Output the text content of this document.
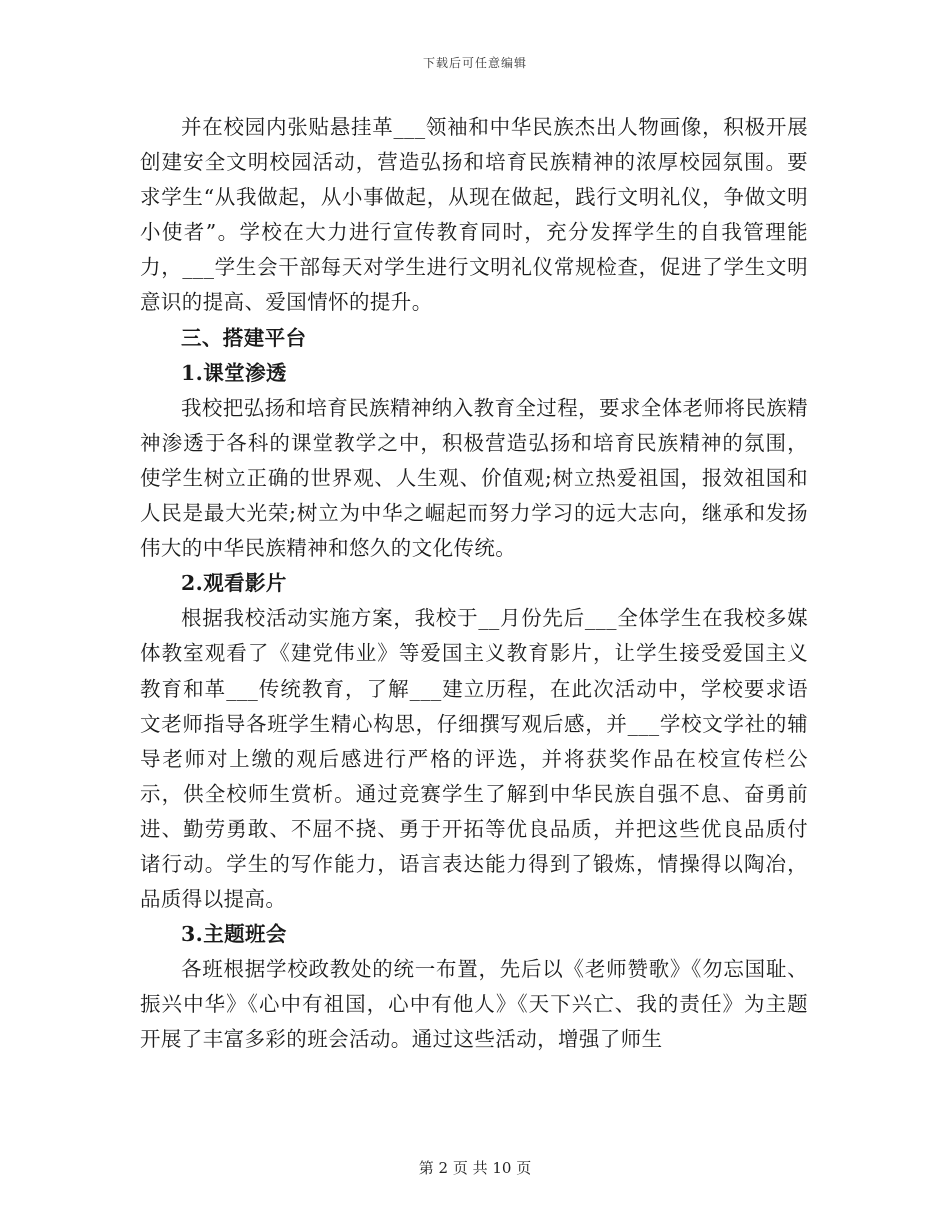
下载后可任意编辑

并在校园内张贴悬挂革___领袖和中华民族杰出人物画像，积极开展创建安全文明校园活动，营造弘扬和培育民族精神的浓厚校园氛围。要求学生“从我做起，从小事做起，从现在做起，践行文明礼仪，争做文明小使者”。学校在大力进行宣传教育同时，充分发挥学生的自我管理能力，___学生会干部每天对学生进行文明礼仪常规检查，促进了学生文明意识的提高、爱国情怀的提升。

三、搭建平台

1.课堂渗透

我校把弘扬和培育民族精神纳入教育全过程，要求全体老师将民族精神渗透于各科的课堂教学之中，积极营造弘扬和培育民族精神的氛围，使学生树立正确的世界观、人生观、价值观;树立热爱祖国，报效祖国和人民是最大光荣;树立为中华之崛起而努力学习的远大志向，继承和发扬伟大的中华民族精神和悠久的文化传统。

2.观看影片

根据我校活动实施方案，我校于__月份先后___全体学生在我校多媒体教室观看了《建党伟业》等爱国主义教育影片，让学生接受爱国主义教育和革___传统教育，了解___建立历程，在此次活动中，学校要求语文老师指导各班学生精心构思，仔细撰写观后感，并___学校文学社的辅导老师对上缴的观后感进行严格的评选，并将获奖作品在校宣传栏公示，供全校师生赏析。通过竞赛学生了解到中华民族自强不息、奋勇前进、勤劳勇敢、不屈不挠、勇于开拓等优良品质，并把这些优良品质付诸行动。学生的写作能力，语言表达能力得到了锻炼，情操得以陶冶，品质得以提高。

3.主题班会

各班根据学校政教处的统一布置，先后以《老师赞歌》《勿忘国耻、振兴中华》《心中有祖国，心中有他人》《天下兴亡、我的责任》为主题开展了丰富多彩的班会活动。通过这些活动，增强了师生

第 2 页 共 10 页
